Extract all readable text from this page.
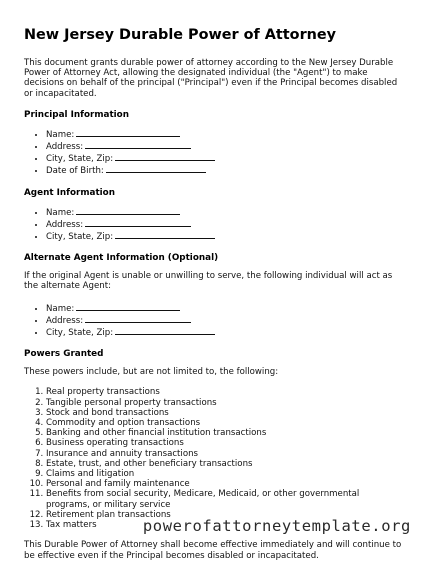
New Jersey Durable Power of Attorney

This document grants durable power of attorney according to the New Jersey Durable Power of Attorney Act, allowing the designated individual (the "Agent") to make decisions on behalf of the principal ("Principal") even if the Principal becomes disabled or incapacitated.

Principal Information
• Name:
• Address:
• City, State, Zip:
• Date of Birth:
Agent Information
• Name:
• Address:
• City, State, Zip:
Alternate Agent Information (Optional)

If the original Agent is unable or unwilling to serve, the following individual will act as the alternate Agent:

• Name:
• Address:
• City, State, Zip:
Powers Granted

These powers include, but are not limited to, the following:

1. Real property transactions
2. Tangible personal property transactions
3. Stock and bond transactions
4. Commodity and option transactions
5. Banking and other financial institution transactions
6. Business operating transactions
7. Insurance and annuity transactions
8. Estate, trust, and other beneficiary transactions
9. Claims and litigation
10. Personal and family maintenance
11. Benefits from social security, Medicare, Medicaid, or other governmental programs, or military service
12. Retirement plan transactions
13. Tax matters

This Durable Power of Attorney shall become effective immediately and will continue to be effective even if the Principal becomes disabled or incapacitated.

powerofattorneytemplate.org
